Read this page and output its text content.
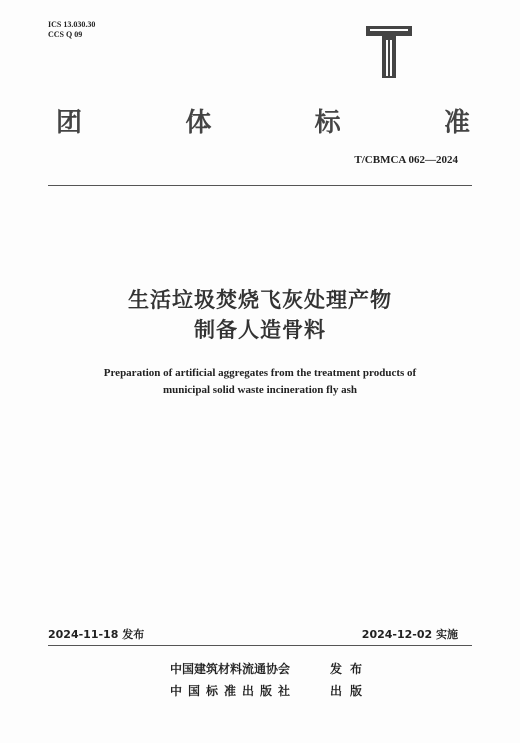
ICS 13.030.30
CCS Q 09
团	体	标	准
T/CBMCA 062—2024
生活垃圾焚烧飞灰处理产物
制备人造骨料
Preparation of artificial aggregates from the treatment products of
municipal solid waste incineration fly ash
2024-11-18 发布	2024-12-02 实施
中国建筑材料流通协会	发布
中国标准出版社	出版
